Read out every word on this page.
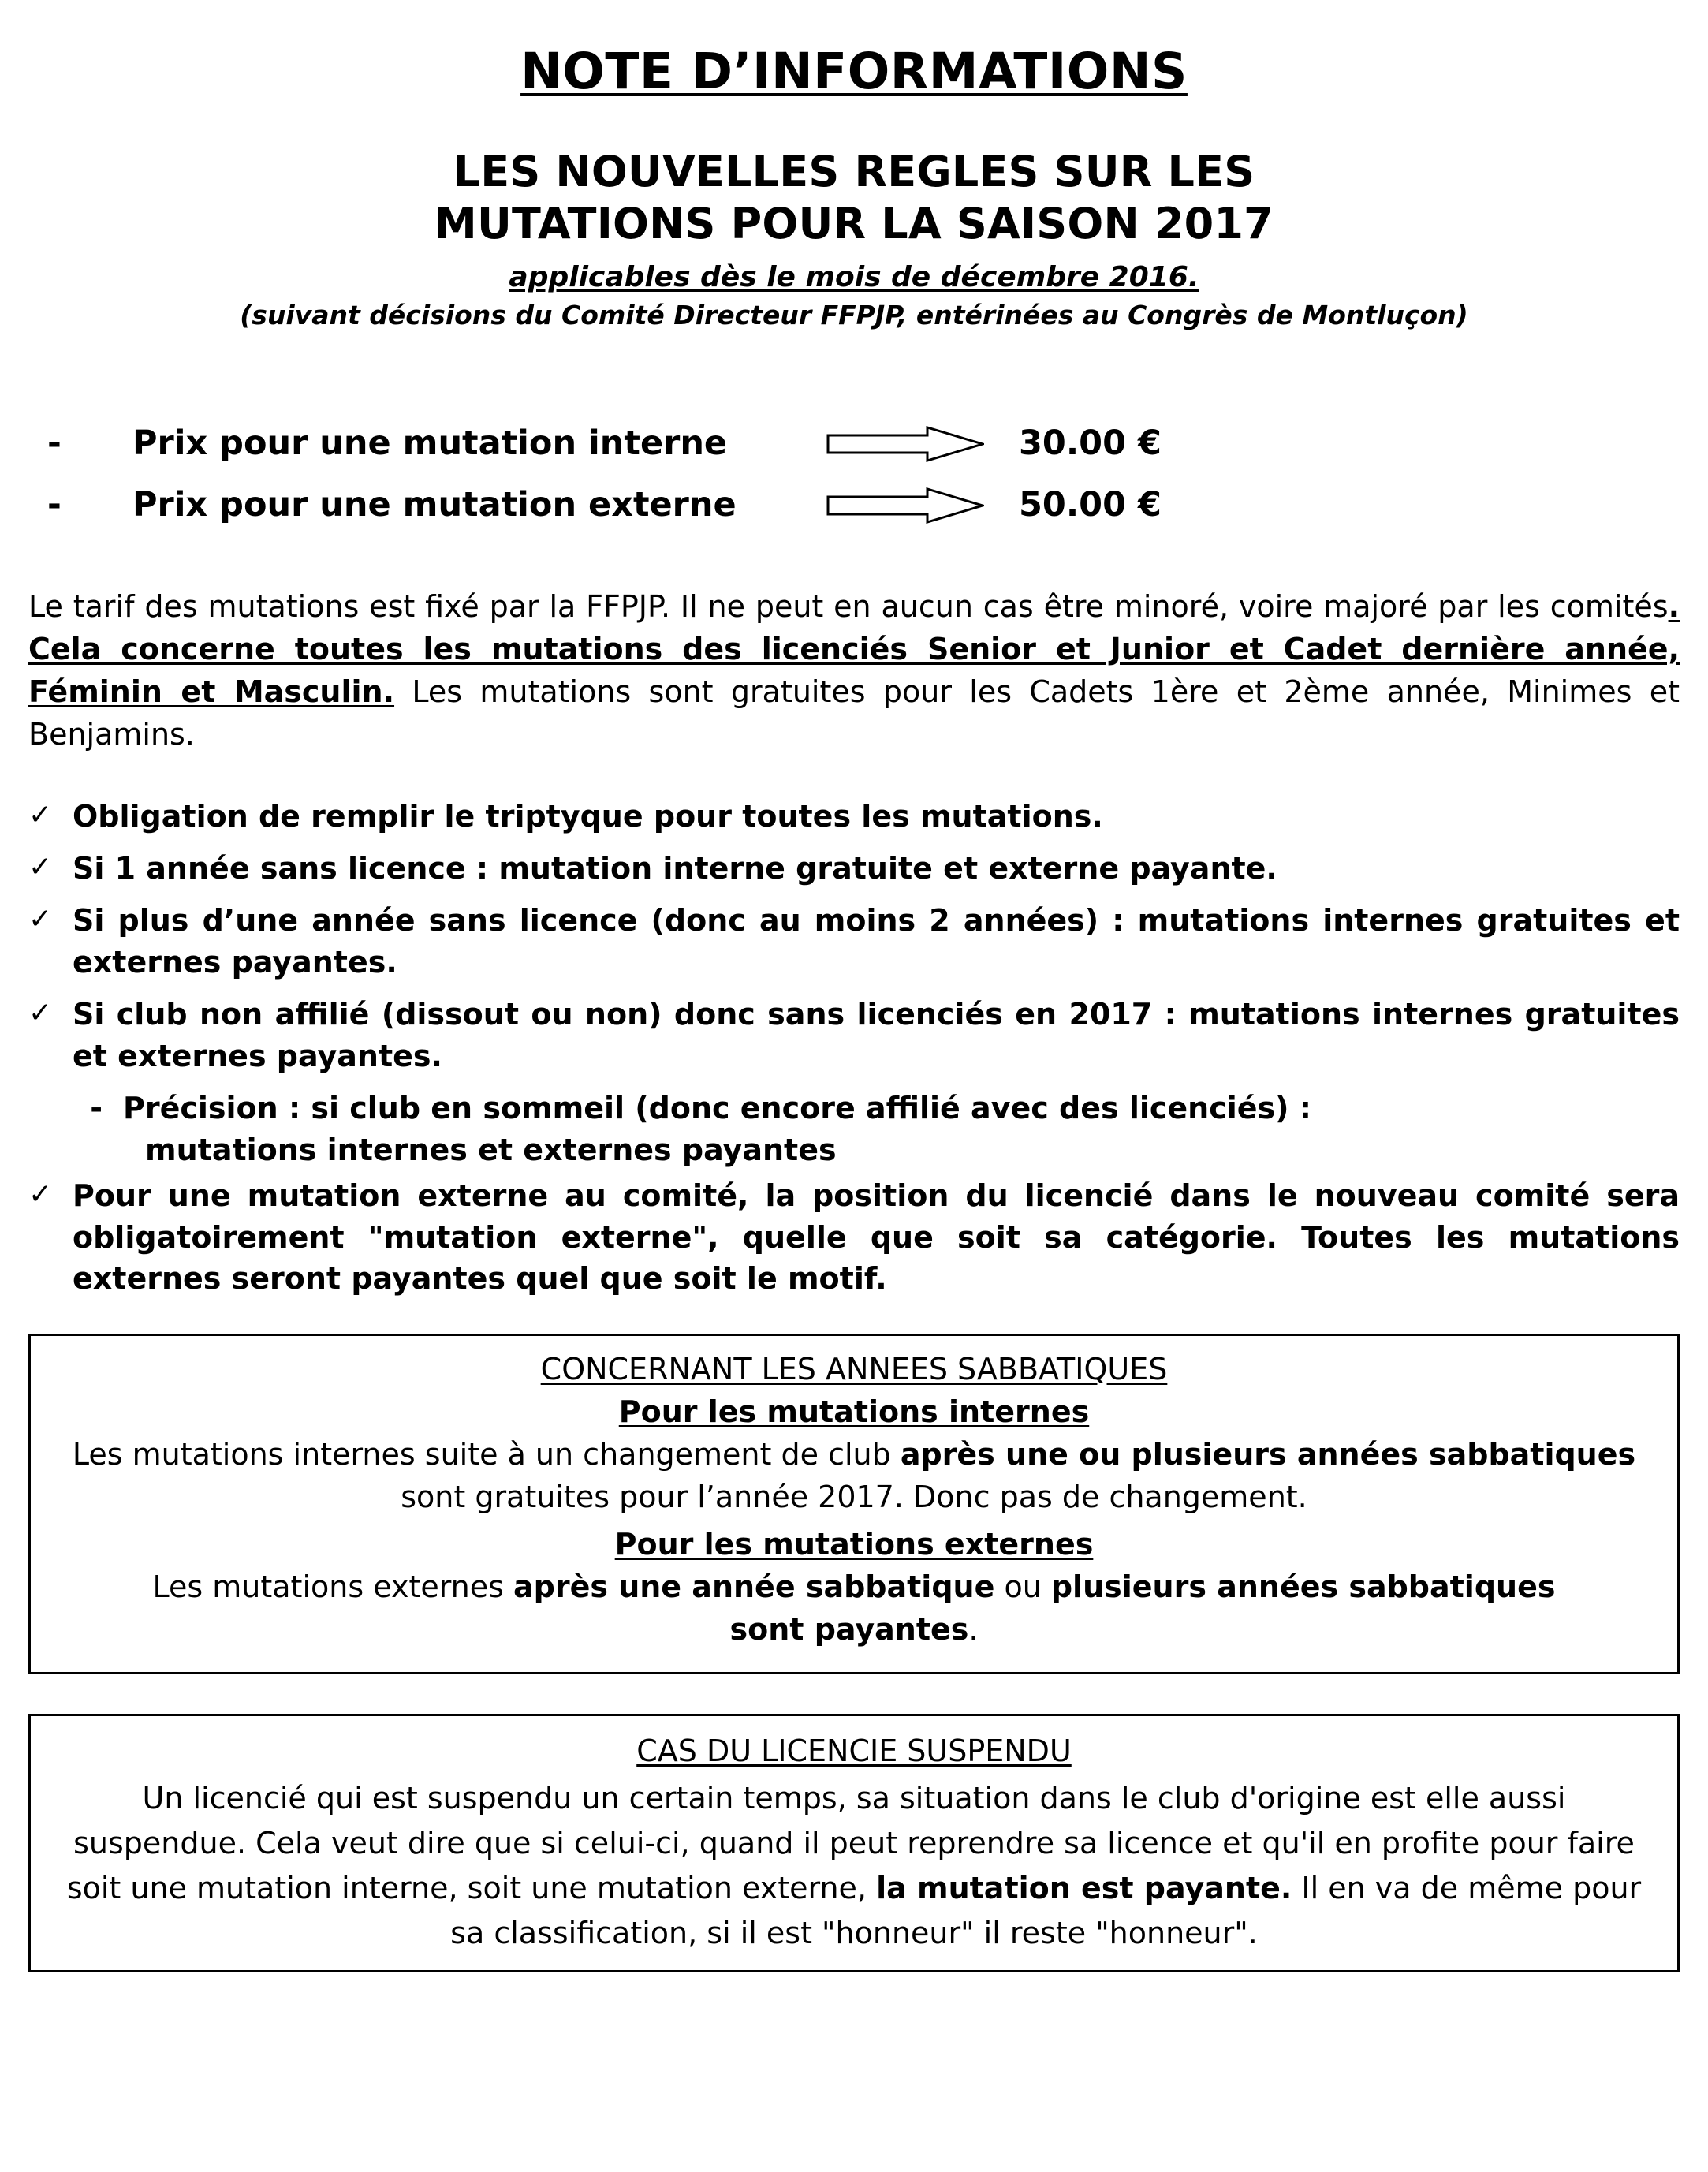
NOTE D’INFORMATIONS
LES NOUVELLES REGLES SUR LES
MUTATIONS POUR LA SAISON 2017
applicables dès le mois de décembre 2016.
(suivant décisions du Comité Directeur FFPJP, entérinées au Congrès de Montluçon)
-	Prix pour une mutation interne	30.00 €
-	Prix pour une mutation externe	50.00 €
Le tarif des mutations est fixé par la FFPJP. Il ne peut en aucun cas être minoré, voire majoré par les comités. Cela concerne toutes les mutations des licenciés Senior et Junior et Cadet dernière année, Féminin et Masculin. Les mutations sont gratuites pour les Cadets 1ère et 2ème année, Minimes et Benjamins.
✓ Obligation de remplir le triptyque pour toutes les mutations.
✓ Si 1 année sans licence : mutation interne gratuite et externe payante.
✓ Si plus d’une année sans licence (donc au moins 2 années) : mutations internes gratuites et externes payantes.
✓ Si club non affilié (dissout ou non) donc sans licenciés en 2017 : mutations internes gratuites et externes payantes.
- Précision : si club en sommeil (donc encore affilié avec des licenciés) :
mutations internes et externes payantes
✓ Pour une mutation externe au comité, la position du licencié dans le nouveau comité sera obligatoirement "mutation externe", quelle que soit sa catégorie. Toutes les mutations externes seront payantes quel que soit le motif.
CONCERNANT LES ANNEES SABBATIQUES
Pour les mutations internes
Les mutations internes suite à un changement de club après une ou plusieurs années sabbatiques sont gratuites pour l’année 2017. Donc pas de changement.
Pour les mutations externes
Les mutations externes après une année sabbatique ou plusieurs années sabbatiques
sont payantes.
CAS DU LICENCIE SUSPENDU
Un licencié qui est suspendu un certain temps, sa situation dans le club d'origine est elle aussi suspendue. Cela veut dire que si celui-ci, quand il peut reprendre sa licence et qu'il en profite pour faire soit une mutation interne, soit une mutation externe, la mutation est payante. Il en va de même pour sa classification, si il est "honneur" il reste "honneur".
